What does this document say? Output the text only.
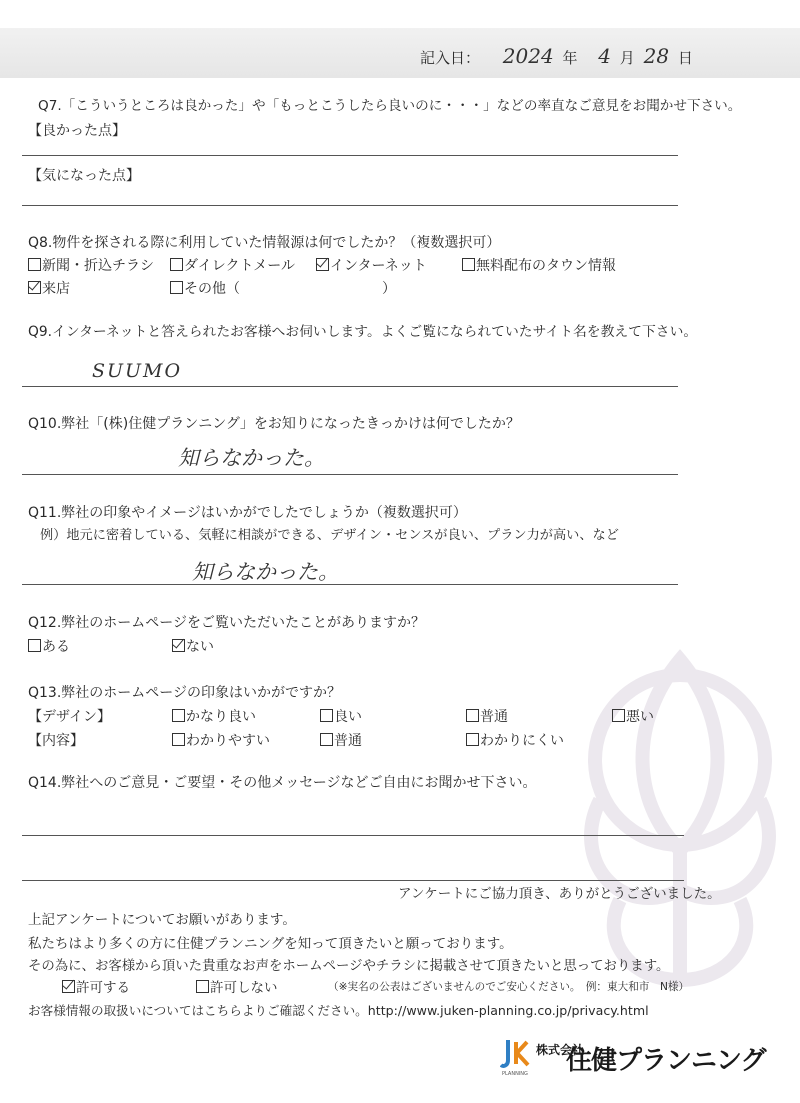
記入日： 2024 年 4 月 28 日
Q7.「こういうところは良かった」や「もっとこうしたら良いのに・・・」などの率直なご意見をお聞かせ下さい。
【良かった点】
【気になった点】
Q8.物件を探される際に利用していた情報源は何でしたか？（複数選択可）
新聞・折込チラシ	ダイレクトメール	インターネット	無料配布のタウン情報
来店	その他（	）
Q9.インターネットと答えられたお客様へお伺いします。よくご覧になられていたサイト名を教えて下さい。
SUUMO
Q10.弊社「(株)住健プランニング」をお知りになったきっかけは何でしたか？
知らなかった。
Q11.弊社の印象やイメージはいかがでしたでしょうか（複数選択可）
例）地元に密着している、気軽に相談ができる、デザイン・センスが良い、プラン力が高い、など
知らなかった。
Q12.弊社のホームページをご覧いただいたことがありますか？
ある	ない
Q13.弊社のホームページの印象はいかがですか？
【デザイン】	かなり良い	良い	普通	悪い
【内容】	わかりやすい	普通	わかりにくい
Q14.弊社へのご意見・ご要望・その他メッセージなどご自由にお聞かせ下さい。
アンケートにご協力頂き、ありがとうございました。
上記アンケートについてお願いがあります。
私たちはより多くの方に住健プランニングを知って頂きたいと願っております。
その為に、お客様から頂いた貴重なお声をホームページやチラシに掲載させて頂きたいと思っております。
許可する	許可しない	（※実名の公表はございませんのでご安心ください。　例：東大和市　N様）
お客様情報の取扱いについてはこちらよりご確認ください。http://www.juken-planning.co.jp/privacy.html
PLANNING
株式会社
住健プランニング
